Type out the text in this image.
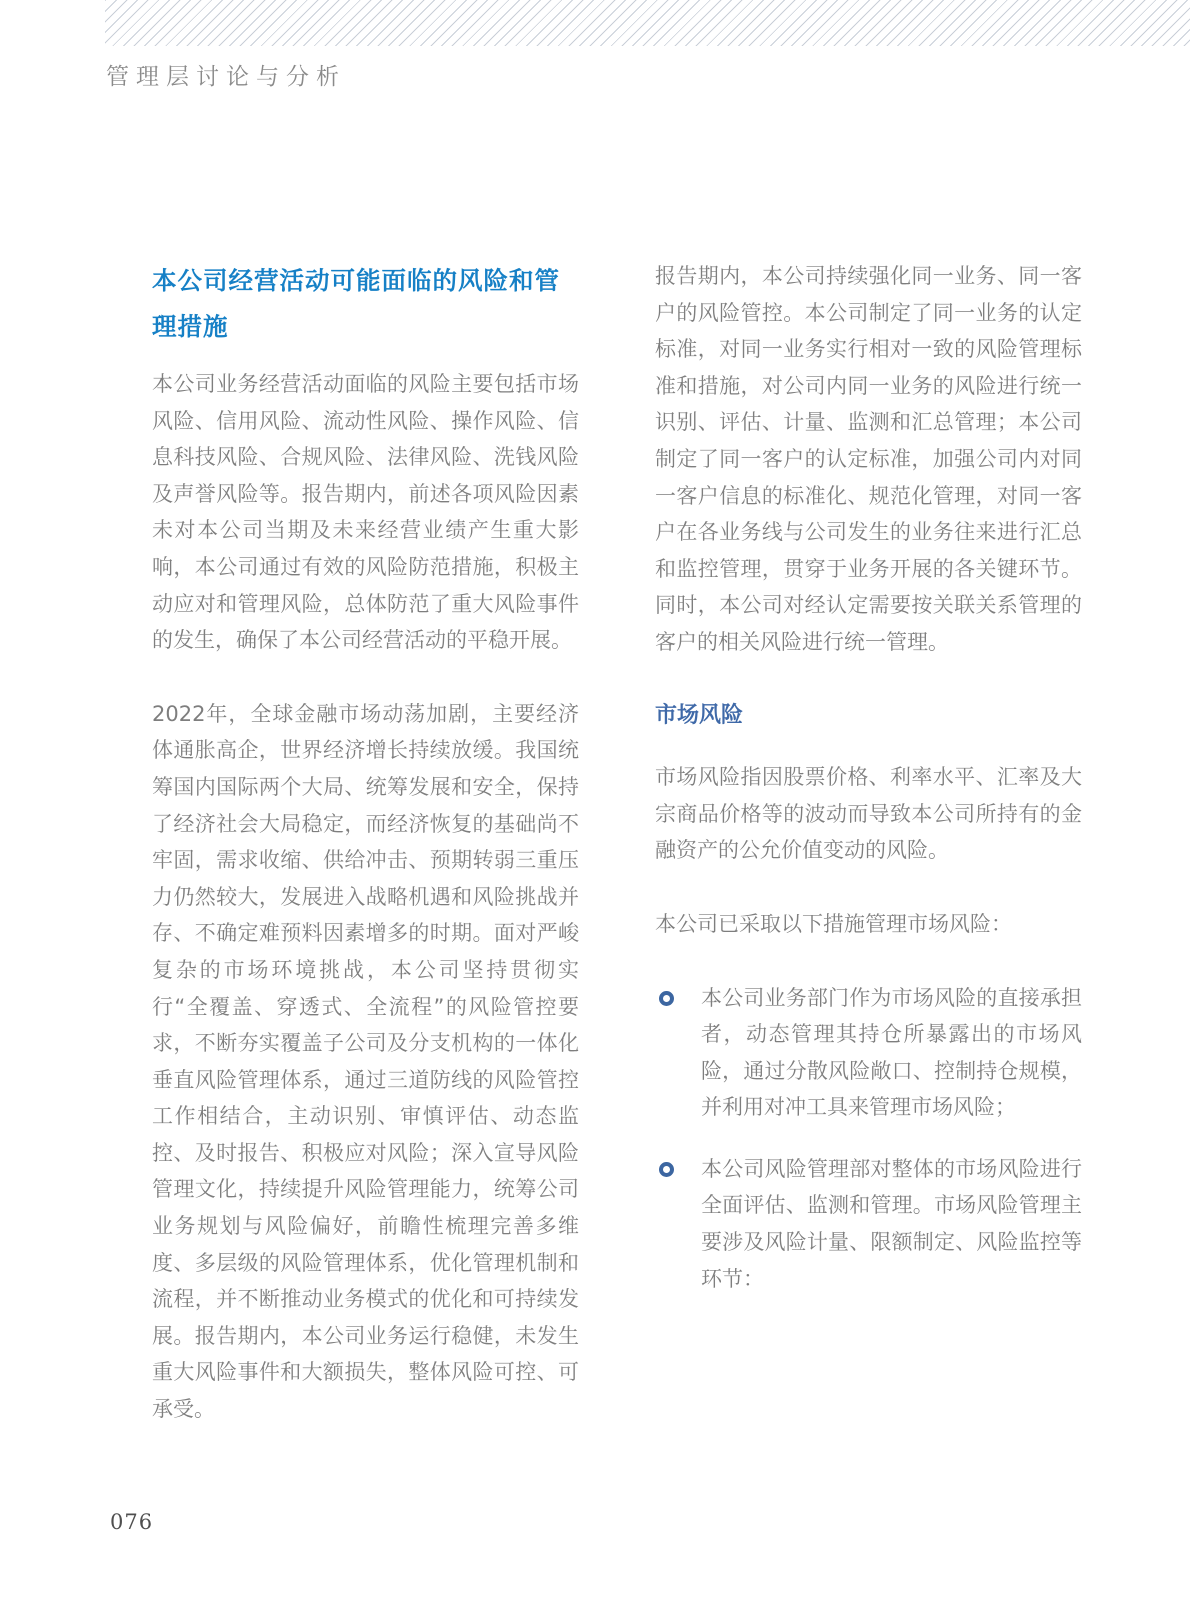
管理层讨论与分析
本公司经营活动可能面临的风险和管理措施

本公司业务经营活动面临的风险主要包括市场风险、信用风险、流动性风险、操作风险、信息科技风险、合规风险、法律风险、洗钱风险及声誉风险等。报告期内，前述各项风险因素未对本公司当期及未来经营业绩产生重大影响，本公司通过有效的风险防范措施，积极主动应对和管理风险，总体防范了重大风险事件的发生，确保了本公司经营活动的平稳开展。

2022年，全球金融市场动荡加剧，主要经济体通胀高企，世界经济增长持续放缓。我国统筹国内国际两个大局、统筹发展和安全，保持了经济社会大局稳定，而经济恢复的基础尚不牢固，需求收缩、供给冲击、预期转弱三重压力仍然较大，发展进入战略机遇和风险挑战并存、不确定难预料因素增多的时期。面对严峻复杂的市场环境挑战，本公司坚持贯彻实行“全覆盖、穿透式、全流程”的风险管控要求，不断夯实覆盖子公司及分支机构的一体化垂直风险管理体系，通过三道防线的风险管控工作相结合，主动识别、审慎评估、动态监控、及时报告、积极应对风险；深入宣导风险管理文化，持续提升风险管理能力，统筹公司业务规划与风险偏好，前瞻性梳理完善多维度、多层级的风险管理体系，优化管理机制和流程，并不断推动业务模式的优化和可持续发展。报告期内，本公司业务运行稳健，未发生重大风险事件和大额损失，整体风险可控、可承受。

报告期内，本公司持续强化同一业务、同一客户的风险管控。本公司制定了同一业务的认定标准，对同一业务实行相对一致的风险管理标准和措施，对公司内同一业务的风险进行统一识别、评估、计量、监测和汇总管理；本公司制定了同一客户的认定标准，加强公司内对同一客户信息的标准化、规范化管理，对同一客户在各业务线与公司发生的业务往来进行汇总和监控管理，贯穿于业务开展的各关键环节。同时，本公司对经认定需要按关联关系管理的客户的相关风险进行统一管理。

市场风险

市场风险指因股票价格、利率水平、汇率及大宗商品价格等的波动而导致本公司所持有的金融资产的公允价值变动的风险。

本公司已采取以下措施管理市场风险：

本公司业务部门作为市场风险的直接承担者，动态管理其持仓所暴露出的市场风险，通过分散风险敞口、控制持仓规模，并利用对冲工具来管理市场风险；
本公司风险管理部对整体的市场风险进行全面评估、监测和管理。市场风险管理主要涉及风险计量、限额制定、风险监控等环节：
076
